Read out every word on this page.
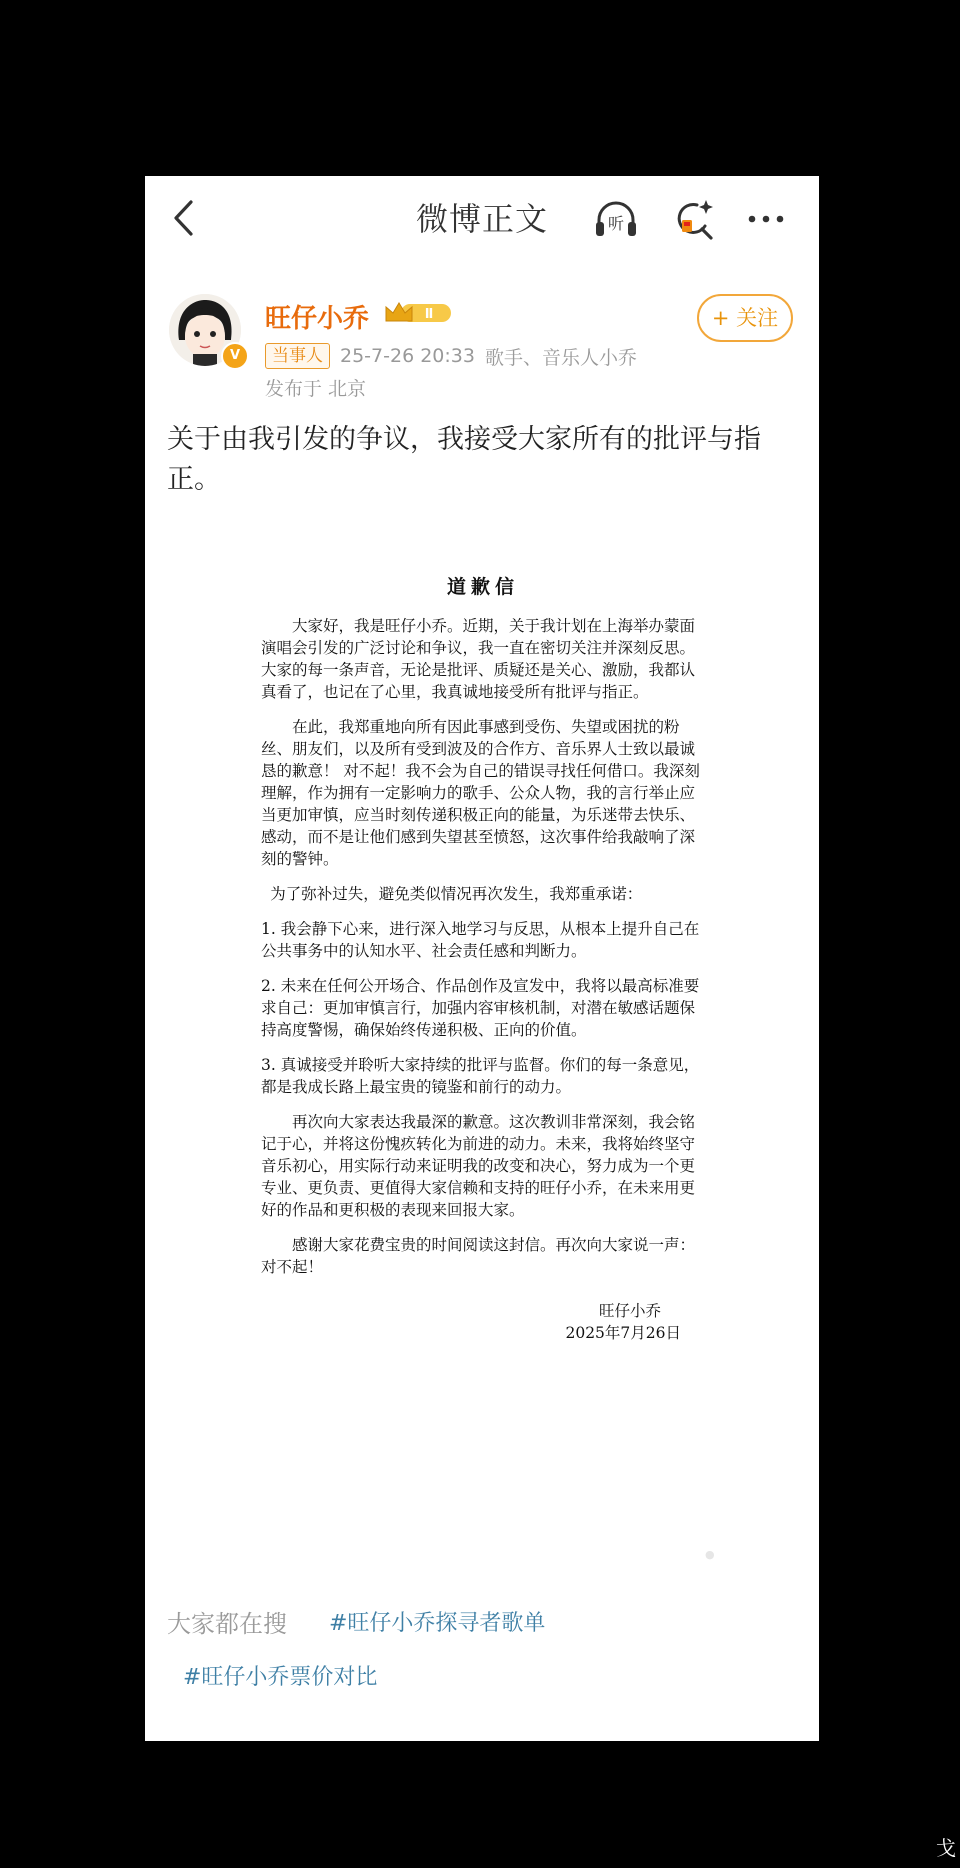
微博正文	听
V
旺仔小乔	Ⅱ	+ 关注
当事人 25-7-26 20:33 歌手、音乐人小乔
发布于 北京
关于由我引发的争议，我接受大家所有的批评与指正。
道歉信

大家好，我是旺仔小乔。近期，关于我计划在上海举办蒙面演唱会引发的广泛讨论和争议，我一直在密切关注并深刻反思。大家的每一条声音，无论是批评、质疑还是关心、激励，我都认真看了，也记在了心里，我真诚地接受所有批评与指正。

在此，我郑重地向所有因此事感到受伤、失望或困扰的粉丝、朋友们，以及所有受到波及的合作方、音乐界人士致以最诚恳的歉意！ 对不起！我不会为自己的错误寻找任何借口。我深刻理解，作为拥有一定影响力的歌手、公众人物，我的言行举止应当更加审慎，应当时刻传递积极正向的能量，为乐迷带去快乐、感动，而不是让他们感到失望甚至愤怒，这次事件给我敲响了深刻的警钟。

为了弥补过失，避免类似情况再次发生，我郑重承诺：

1. 我会静下心来，进行深入地学习与反思，从根本上提升自己在公共事务中的认知水平、社会责任感和判断力。

2. 未来在任何公开场合、作品创作及宣发中，我将以最高标准要求自己：更加审慎言行，加强内容审核机制，对潜在敏感话题保持高度警惕，确保始终传递积极、正向的价值。

3. 真诚接受并聆听大家持续的批评与监督。你们的每一条意见，都是我成长路上最宝贵的镜鉴和前行的动力。

再次向大家表达我最深的歉意。这次教训非常深刻，我会铭记于心，并将这份愧疚转化为前进的动力。未来，我将始终坚守音乐初心，用实际行动来证明我的改变和决心，努力成为一个更专业、更负责、更值得大家信赖和支持的旺仔小乔，在未来用更好的作品和更积极的表现来回报大家。

感谢大家花费宝贵的时间阅读这封信。再次向大家说一声：对不起！

旺仔小乔
2025年7月26日
●
大家都在搜 #旺仔小乔探寻者歌单
#旺仔小乔票价对比
戈
